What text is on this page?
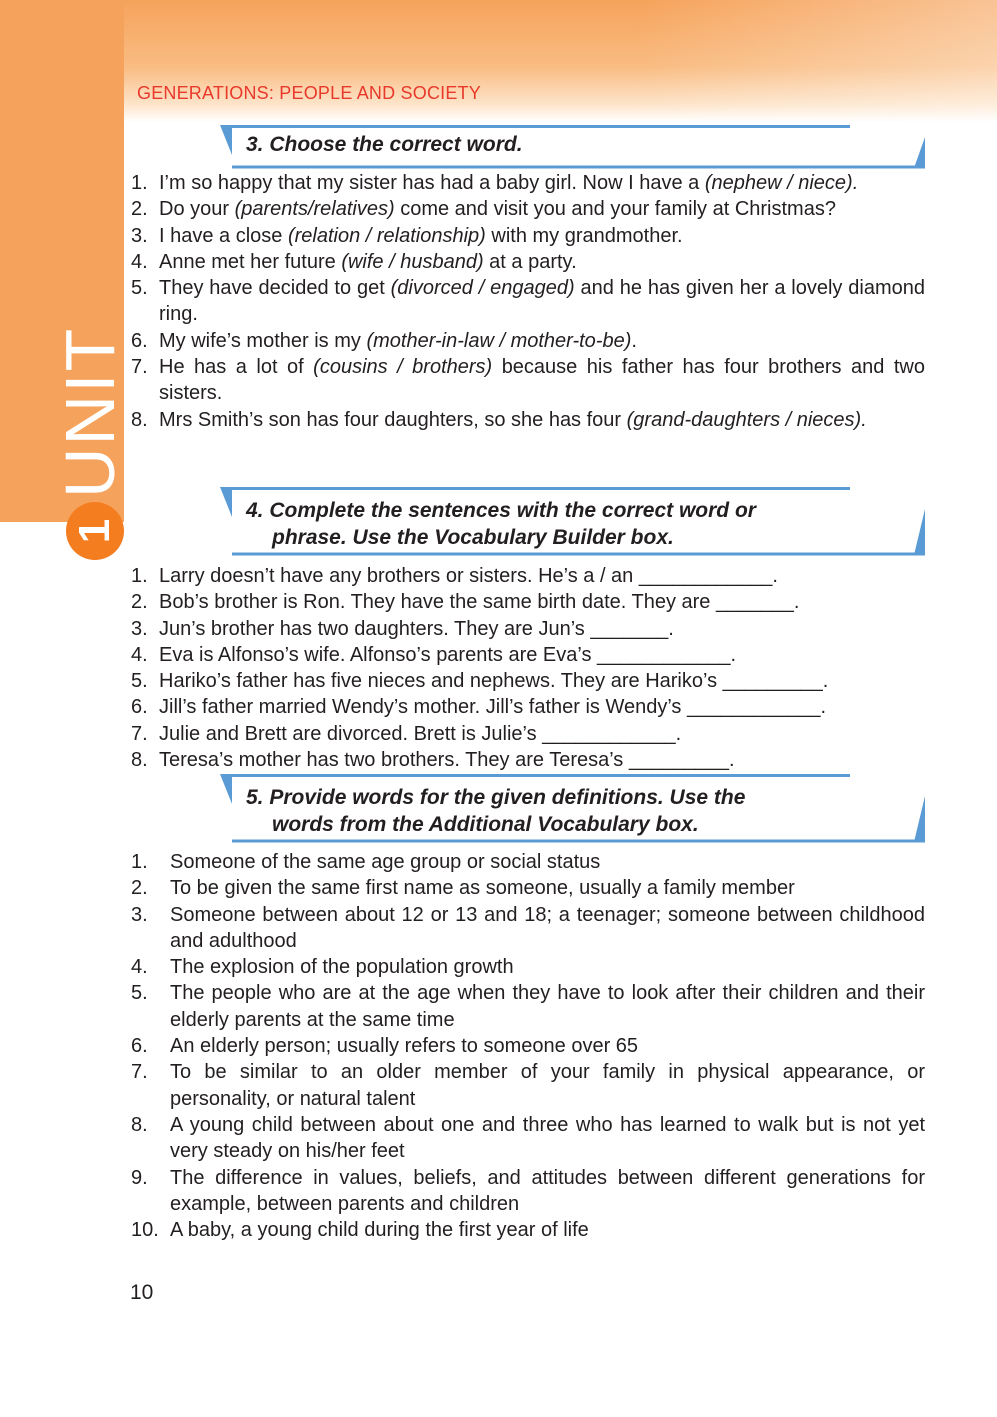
UNIT
1
GENERATIONS: PEOPLE AND SOCIETY
3. Choose the correct word.
1. I’m so happy that my sister has had a baby girl. Now I have a (nephew / niece).
2. Do your (parents/relatives) come and visit you and your family at Christmas?
3. I have a close (relation / relationship) with my grandmother.
4. Anne met her future (wife / husband) at a party.
5. They have decided to get (divorced / engaged) and he has given her a lovely diamond ring.
6. My wife’s mother is my (mother-in-law / mother-to-be).
7. He has a lot of (cousins / brothers) because his father has four brothers and two sisters.
8. Mrs Smith’s son has four daughters, so she has four (grand-daughters / nieces).
4. Complete the sentences with the correct word or
phrase. Use the Vocabulary Builder box.
1. Larry doesn’t have any brothers or sisters. He’s a / an ____________.
2. Bob’s brother is Ron. They have the same birth date. They are _______.
3. Jun’s brother has two daughters. They are Jun’s _______.
4. Eva is Alfonso’s wife. Alfonso’s parents are Eva’s ____________.
5. Hariko’s father has five nieces and nephews. They are Hariko’s _________.
6. Jill’s father married Wendy’s mother. Jill’s father is Wendy’s ____________.
7. Julie and Brett are divorced. Brett is Julie’s ____________.
8. Teresa’s mother has two brothers. They are Teresa’s _________.
5. Provide words for the given definitions. Use the
words from the Additional Vocabulary box.
1.	Someone of the same age group or social status
2.	To be given the same first name as someone, usually a family member
3.	Someone between about 12 or 13 and 18; a teenager; someone between childhood and adulthood
4.	The explosion of the population growth
5.	The people who are at the age when they have to look after their children and their elderly parents at the same time
6.	An elderly person; usually refers to someone over 65
7.	To be similar to an older member of your family in physical appearance, or personality, or natural talent
8.	A young child between about one and three who has learned to walk but is not yet very steady on his/her feet
9.	The difference in values, beliefs, and attitudes between different generations for example, between parents and children
10. A baby, a young child during the first year of life
10
